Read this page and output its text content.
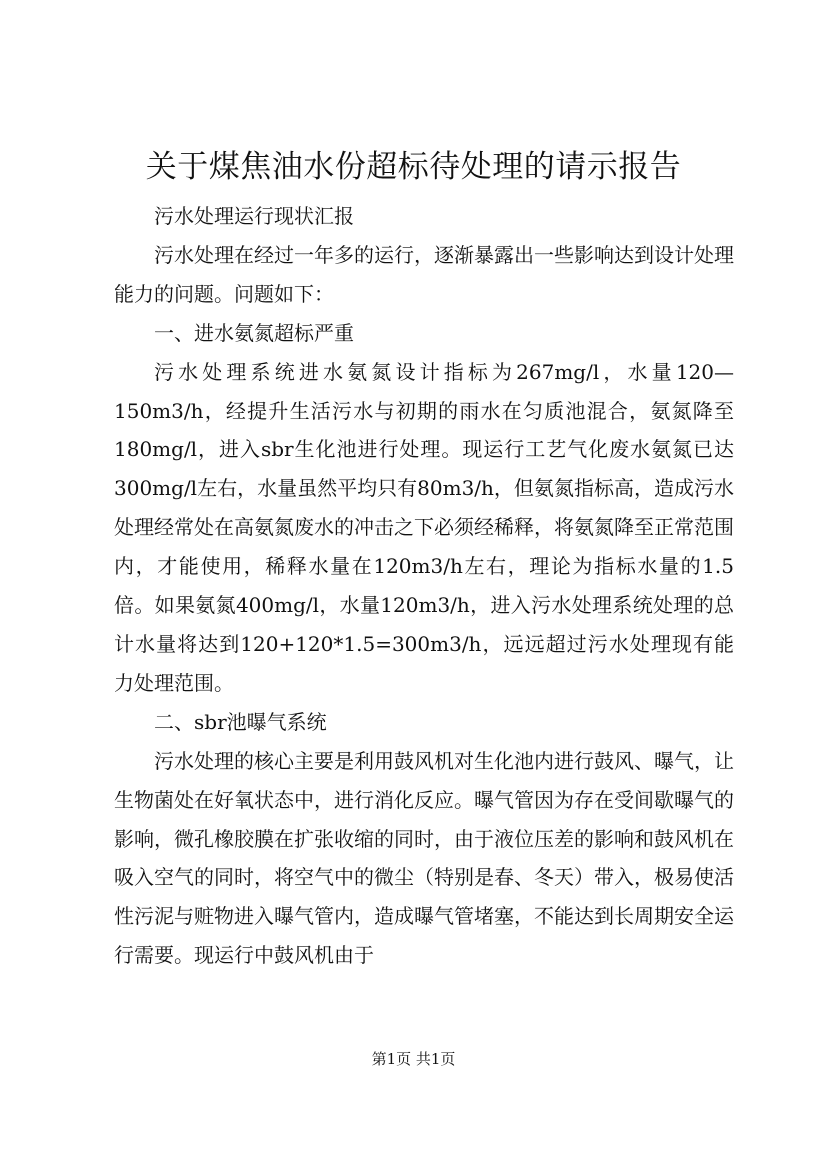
关于煤焦油水份超标待处理的请示报告

污水处理运行现状汇报

污水处理在经过一年多的运行，逐渐暴露出一些影响达到设计处理能力的问题。问题如下：

一、进水氨氮超标严重

污水处理系统进水氨氮设计指标为267mg/l，水量120—150m3/h，经提升生活污水与初期的雨水在匀质池混合，氨氮降至180mg/l，进入sbr生化池进行处理。现运行工艺气化废水氨氮已达300mg/l左右，水量虽然平均只有80m3/h，但氨氮指标高，造成污水处理经常处在高氨氮废水的冲击之下必须经稀释，将氨氮降至正常范围内，才能使用，稀释水量在120m3/h左右，理论为指标水量的1.5倍。如果氨氮400mg/l，水量120m3/h，进入污水处理系统处理的总计水量将达到120+120*1.5=300m3/h，远远超过污水处理现有能力处理范围。

二、sbr池曝气系统

污水处理的核心主要是利用鼓风机对生化池内进行鼓风、曝气，让生物菌处在好氧状态中，进行消化反应。曝气管因为存在受间歇曝气的影响，微孔橡胶膜在扩张收缩的同时，由于液位压差的影响和鼓风机在吸入空气的同时，将空气中的微尘（特别是春、冬天）带入，极易使活性污泥与赃物进入曝气管内，造成曝气管堵塞，不能达到长周期安全运行需要。现运行中鼓风机由于

第1页 共1页
